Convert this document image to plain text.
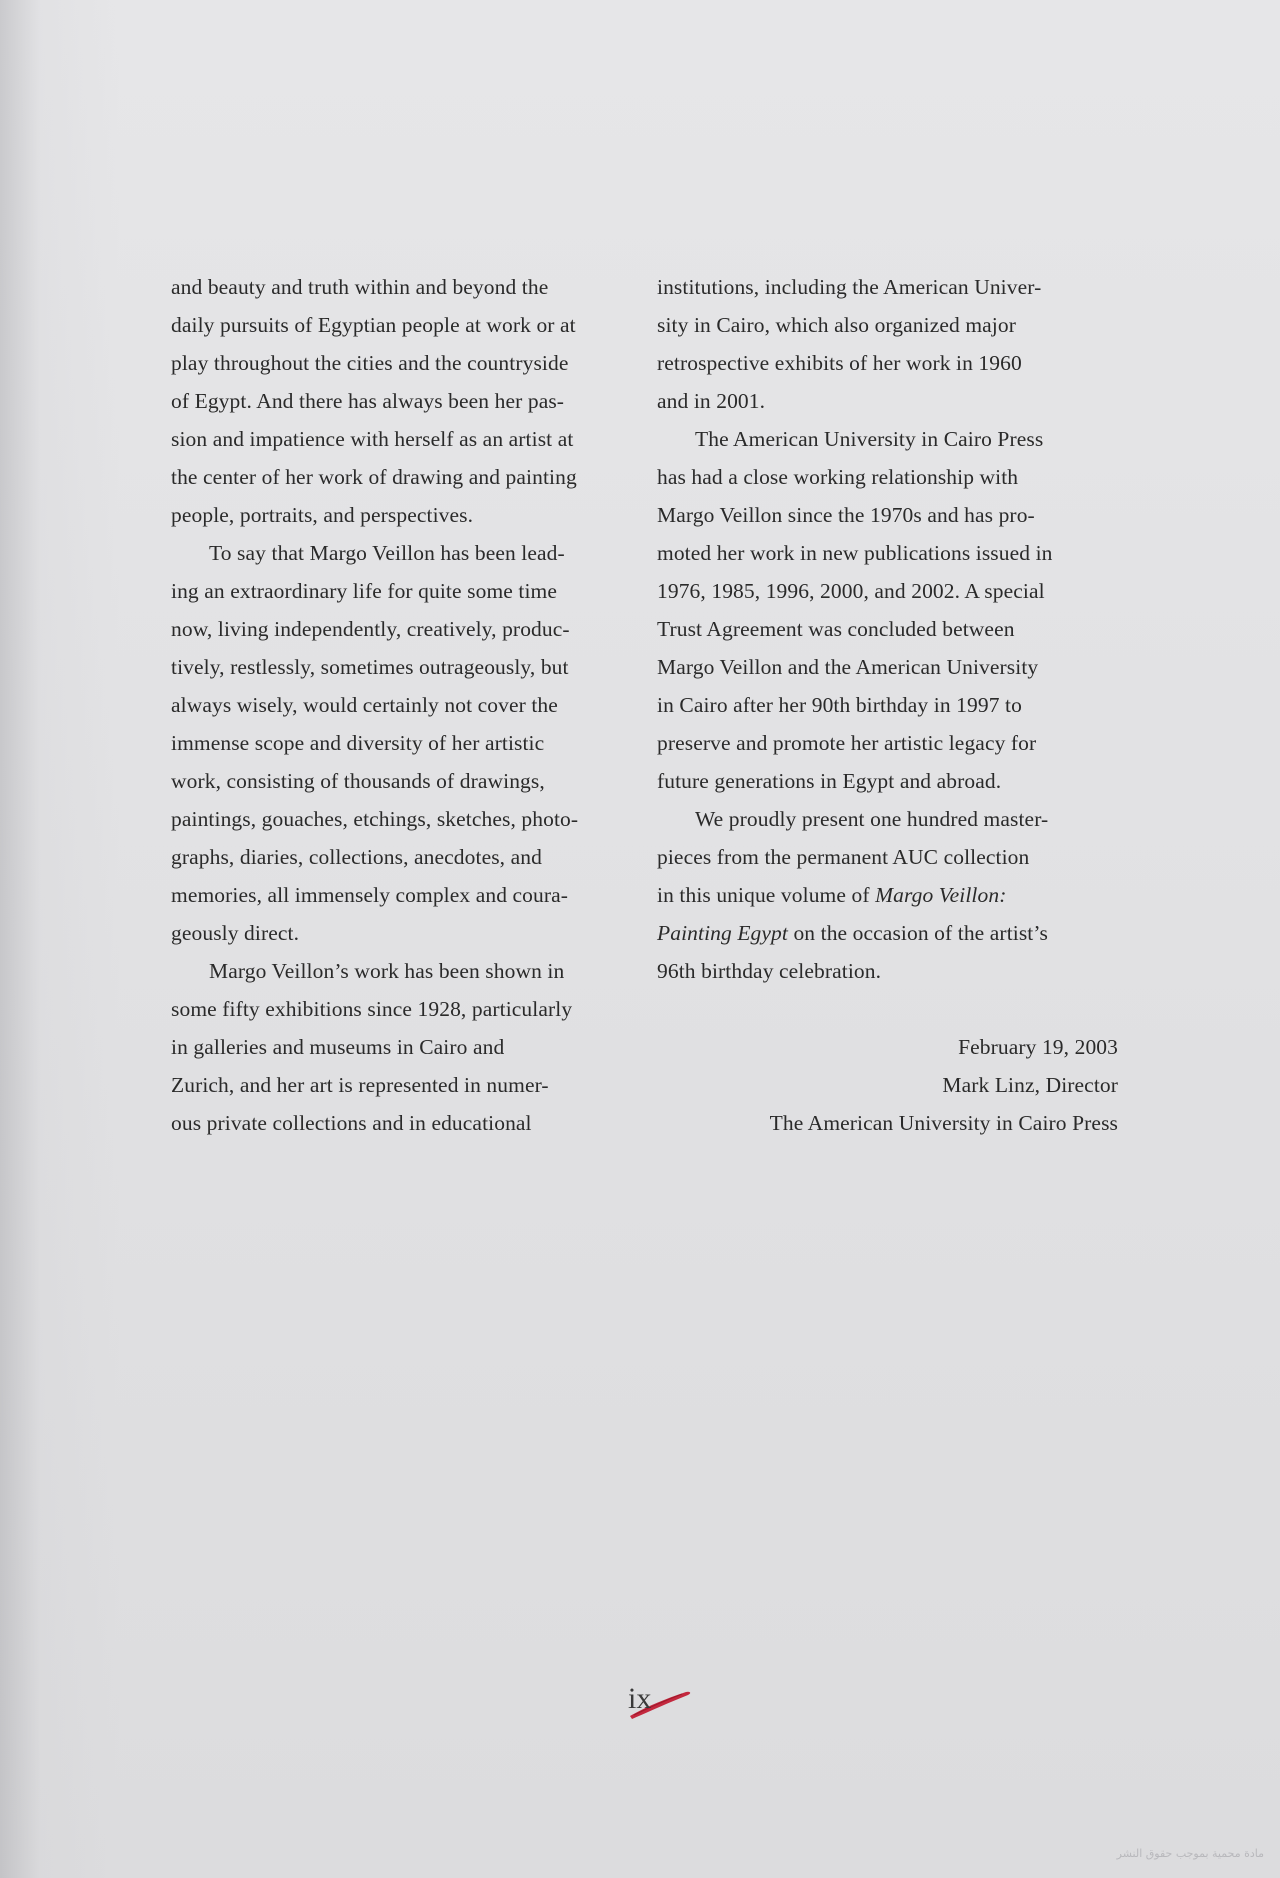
and beauty and truth within and beyond the
daily pursuits of Egyptian people at work or at
play throughout the cities and the countryside
of Egypt. And there has always been her pas-
sion and impatience with herself as an artist at
the center of her work of drawing and painting
people, portraits, and perspectives.

To say that Margo Veillon has been lead-
ing an extraordinary life for quite some time
now, living independently, creatively, produc-
tively, restlessly, sometimes outrageously, but
always wisely, would certainly not cover the
immense scope and diversity of her artistic
work, consisting of thousands of drawings,
paintings, gouaches, etchings, sketches, photo-
graphs, diaries, collections, anecdotes, and
memories, all immensely complex and coura-
geously direct.

Margo Veillon’s work has been shown in
some fifty exhibitions since 1928, particularly
in galleries and museums in Cairo and
Zurich, and her art is represented in numer-
ous private collections and in educational

institutions, including the American Univer-
sity in Cairo, which also organized major
retrospective exhibits of her work in 1960
and in 2001.

The American University in Cairo Press
has had a close working relationship with
Margo Veillon since the 1970s and has pro-
moted her work in new publications issued in
1976, 1985, 1996, 2000, and 2002. A special
Trust Agreement was concluded between
Margo Veillon and the American University
in Cairo after her 90th birthday in 1997 to
preserve and promote her artistic legacy for
future generations in Egypt and abroad.

We proudly present one hundred master-
pieces from the permanent AUC collection
in this unique volume of Margo Veillon:
Painting Egypt on the occasion of the artist’s
96th birthday celebration.

February 19, 2003
Mark Linz, Director
The American University in Cairo Press
ix
مادة محمية بموجب حقوق النشر
